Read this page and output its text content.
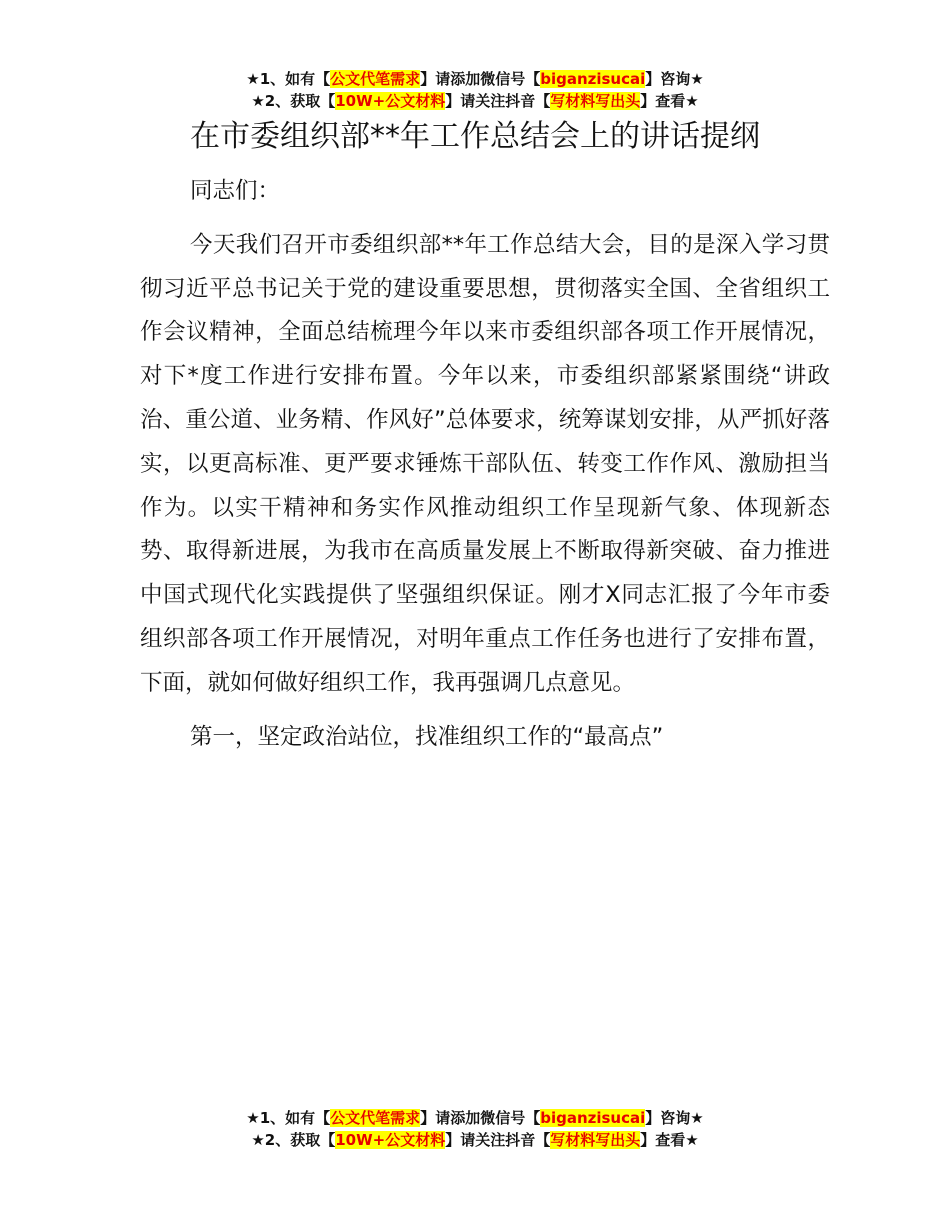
★1、如有【公文代笔需求】请添加微信号【biganzisucai】咨询★
★2、获取【10W+公文材料】请关注抖音【写材料写出头】查看★
在市委组织部**年工作总结会上的讲话提纲

同志们：

今天我们召开市委组织部**年工作总结大会，目的是深入学习贯彻习近平总书记关于党的建设重要思想，贯彻落实全国、全省组织工作会议精神，全面总结梳理今年以来市委组织部各项工作开展情况，对下*度工作进行安排布置。今年以来，市委组织部紧紧围绕“讲政治、重公道、业务精、作风好”总体要求，统筹谋划安排，从严抓好落实，以更高标准、更严要求锤炼干部队伍、转变工作作风、激励担当作为。以实干精神和务实作风推动组织工作呈现新气象、体现新态势、取得新进展，为我市在高质量发展上不断取得新突破、奋力推进中国式现代化实践提供了坚强组织保证。刚才X同志汇报了今年市委组织部各项工作开展情况，对明年重点工作任务也进行了安排布置，下面，就如何做好组织工作，我再强调几点意见。

第一，坚定政治站位，找准组织工作的“最高点”

★1、如有【公文代笔需求】请添加微信号【biganzisucai】咨询★
★2、获取【10W+公文材料】请关注抖音【写材料写出头】查看★
